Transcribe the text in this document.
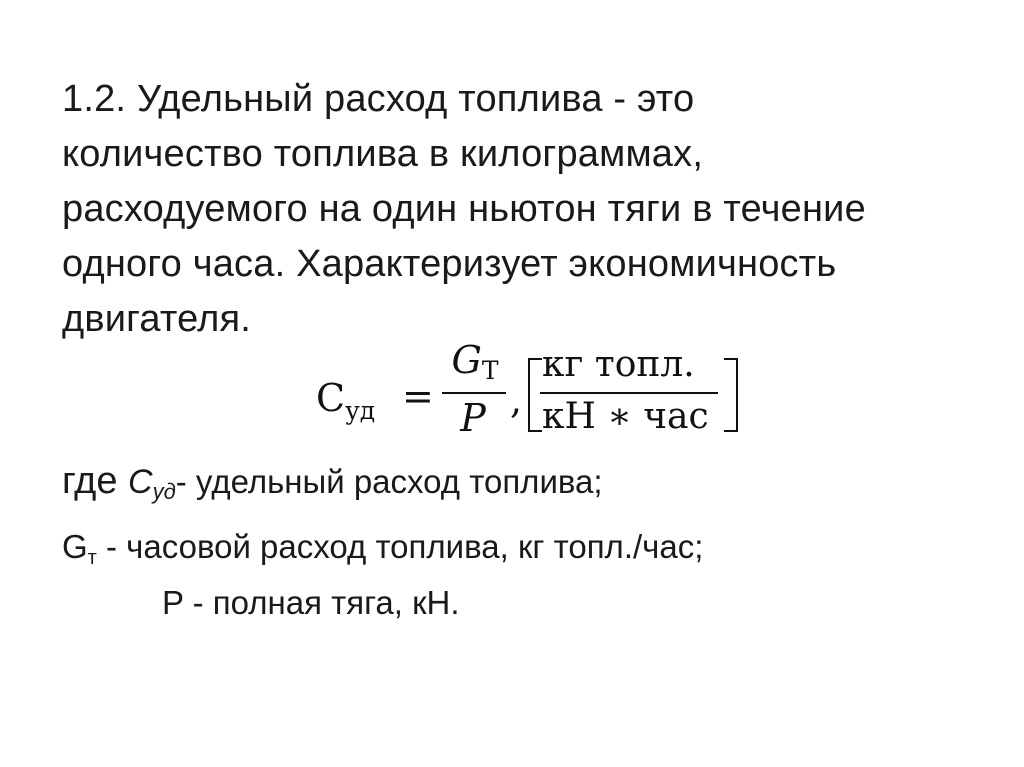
1.2. Удельный расход топлива - это
количество топлива в килограммах,
расходуемого на один ньютон тяги в течение
одного часа. Характеризует экономичность
двигателя.
$С_{уд}$ =
GТ
P ,
кг топл.
кН ∗ час
где Суд- удельный расход топлива;
Gт - часовой расход топлива, кг топл./час;
P - полная тяга, кН.
